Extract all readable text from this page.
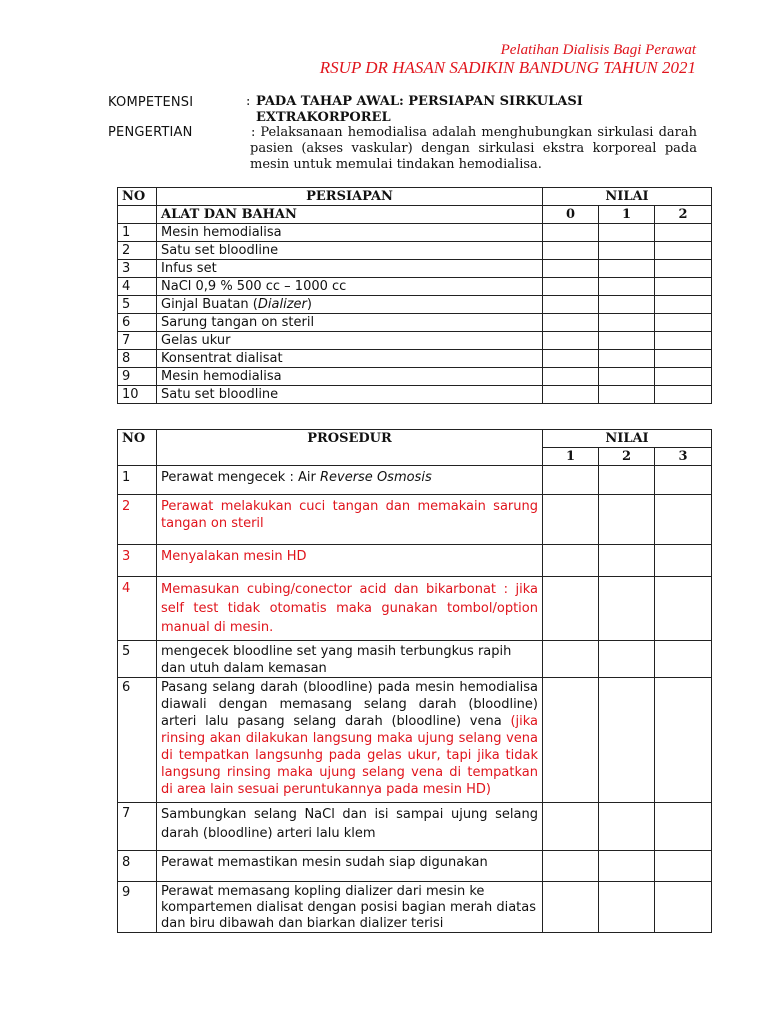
Pelatihan Dialisis Bagi Perawat
RSUP DR HASAN SADIKIN BANDUNG TAHUN 2021
KOMPETENSI	: PADA TAHAP AWAL: PERSIAPAN SIRKULASI EXTRAKORPOREL
PENGERTIAN	: Pelaksanaan hemodialisa adalah menghubungkan sirkulasi darah pasien (akses vaskular) dengan sirkulasi ekstra korporeal pada mesin untuk memulai tindakan hemodialisa.
NO	PERSIAPAN	NILAI		
	ALAT DAN BAHAN	0	1	2
1	Mesin hemodialisa			
2	Satu set bloodline			
3	Infus set			
4	NaCl 0,9 % 500 cc – 1000 cc			
5	Ginjal Buatan (Dializer)			
6	Sarung tangan on steril			
7	Gelas ukur			
8	Konsentrat dialisat			
9	Mesin hemodialisa			
10	Satu set bloodline			
NO	PROSEDUR	NILAI		
		1	2	3
1	Perawat mengecek : Air Reverse Osmosis			
2	Perawat melakukan cuci tangan dan memakain sarung tangan on steril			
3	Menyalakan mesin HD			
4	Memasukan cubing/conector acid dan bikarbonat : jika self test tidak otomatis maka gunakan tombol/option manual di mesin.			
5	mengecek bloodline set yang masih terbungkus rapih dan utuh dalam kemasan			
6	Pasang selang darah (bloodline) pada mesin hemodialisa diawali dengan memasang selang darah (bloodline) arteri lalu pasang selang darah (bloodline) vena (jika rinsing akan dilakukan langsung maka ujung selang vena di tempatkan langsunhg pada gelas ukur, tapi jika tidak langsung rinsing maka ujung selang vena di tempatkan di area lain sesuai peruntukannya pada mesin HD)			
7	Sambungkan selang NaCl dan isi sampai ujung selang darah (bloodline) arteri lalu klem			
8	Perawat memastikan mesin sudah siap digunakan			
9	Perawat memasang kopling dializer dari mesin ke kompartemen dialisat dengan posisi bagian merah diatas dan biru dibawah dan biarkan dializer terisi			
